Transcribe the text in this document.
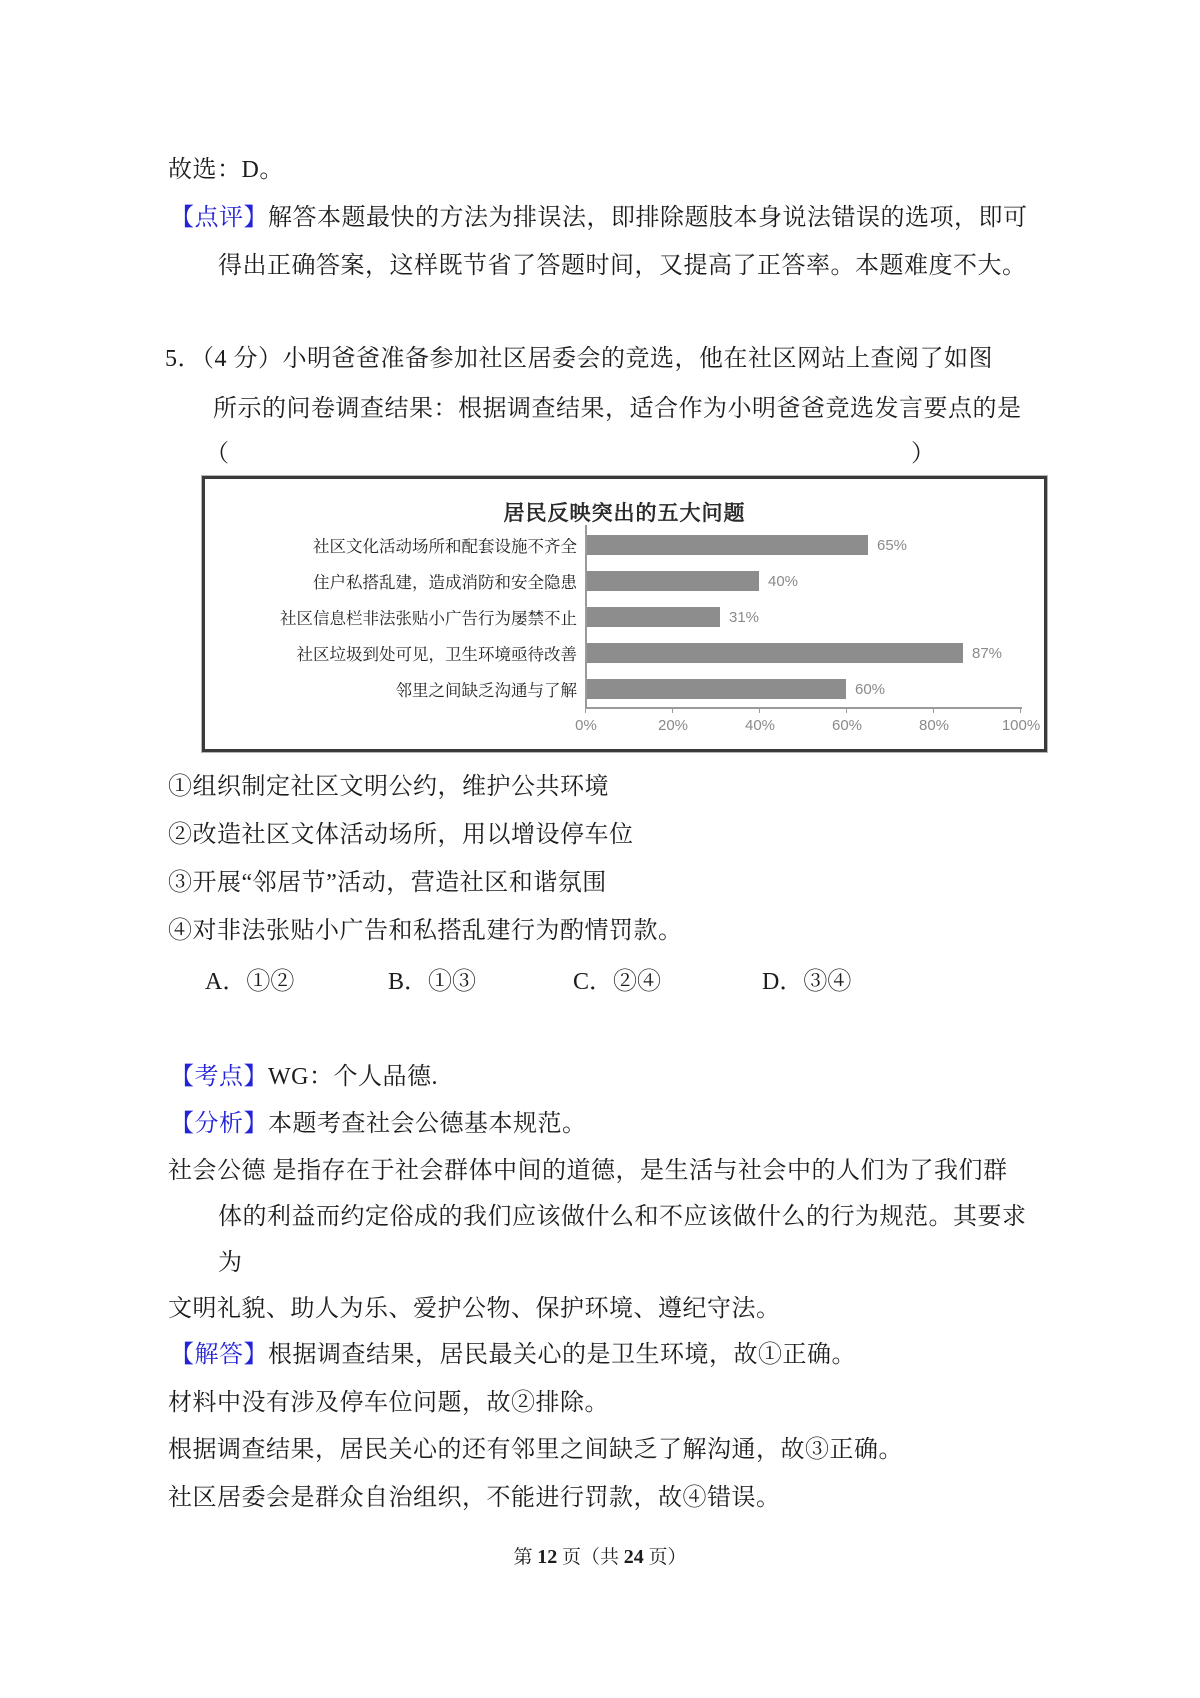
故选：D。
【点评】解答本题最快的方法为排误法，即排除题肢本身说法错误的选项，即可
得出正确答案，这样既节省了答题时间，又提高了正答率。本题难度不大。
5．（4 分）小明爸爸准备参加社区居委会的竞选，他在社区网站上查阅了如图
所示的问卷调查结果：根据调查结果，适合作为小明爸爸竞选发言要点的是
（	）
居民反映突出的五大问题
社区文化活动场所和配套设施不齐全	65%
住户私搭乱建，造成消防和安全隐患	40%
社区信息栏非法张贴小广告行为屡禁不止	31%
社区垃圾到处可见，卫生环境亟待改善	87%
邻里之间缺乏沟通与了解	60%
0%	20%	40%	60%	80%	100%
①组织制定社区文明公约，维护公共环境
②改造社区文体活动场所，用以增设停车位
③开展“邻居节”活动，营造社区和谐氛围
④对非法张贴小广告和私搭乱建行为酌情罚款。
A．①②	B．①③	C．②④	D．③④
【考点】WG：个人品德.
【分析】本题考查社会公德基本规范。
社会公德 是指存在于社会群体中间的道德，是生活与社会中的人们为了我们群
体的利益而约定俗成的我们应该做什么和不应该做什么的行为规范。其要求
为
文明礼貌、助人为乐、爱护公物、保护环境、遵纪守法。
【解答】根据调查结果，居民最关心的是卫生环境，故①正确。
材料中没有涉及停车位问题，故②排除。
根据调查结果，居民关心的还有邻里之间缺乏了解沟通，故③正确。
社区居委会是群众自治组织，不能进行罚款，故④错误。
第 12 页（共 24 页）
